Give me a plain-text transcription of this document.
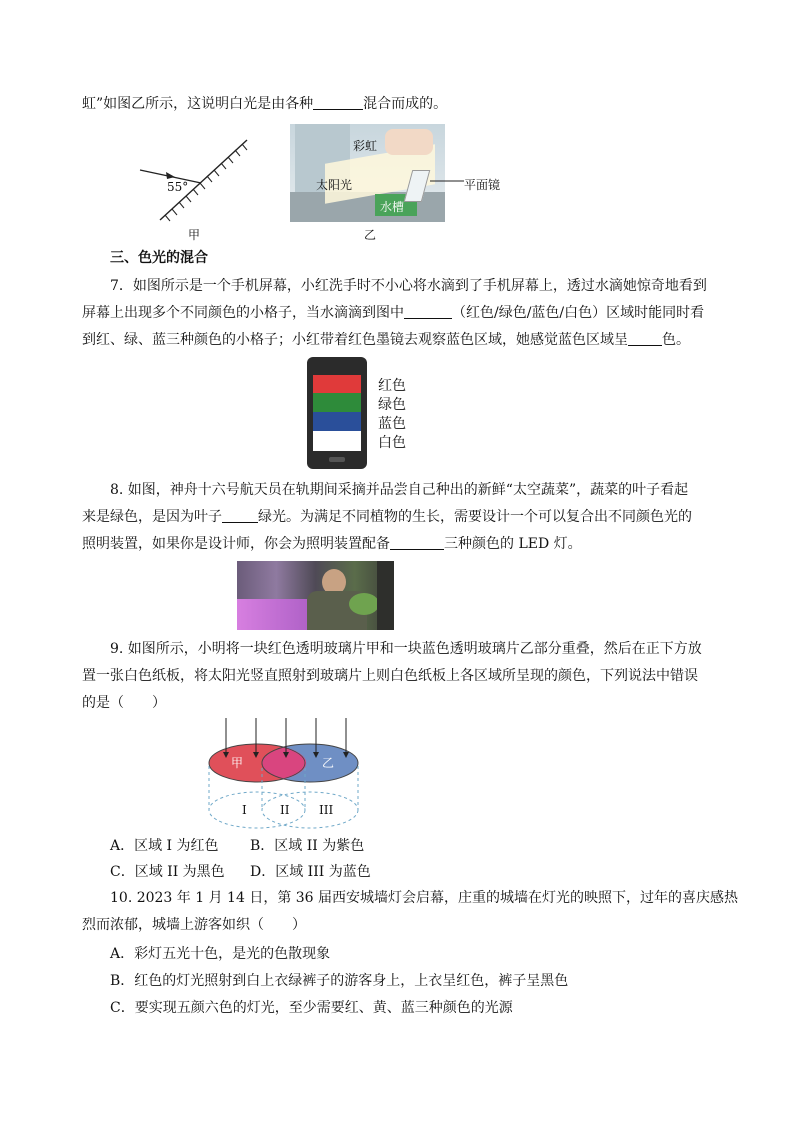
虹”如图乙所示，这说明白光是由各种	混合而成的。
55°
甲
彩虹
太阳光
水槽
平面镜
乙
三、色光的混合
7．如图所示是一个手机屏幕，小红洗手时不小心将水滴到了手机屏幕上，透过水滴她惊奇地看到
屏幕上出现多个不同颜色的小格子，当水滴滴到图中	（红色/绿色/蓝色/白色）区域时能同时看
到红、绿、蓝三种颜色的小格子；小红带着红色墨镜去观察蓝色区域，她感觉蓝色区域呈 色。
红色
绿色
蓝色
白色
8. 如图，神舟十六号航天员在轨期间采摘并品尝自己种出的新鲜“太空蔬菜”，蔬菜的叶子看起
来是绿色，是因为叶子	绿光。为满足不同植物的生长，需要设计一个可以复合出不同颜色光的
照明装置，如果你是设计师，你会为照明装置配备	三种颜色的 LED 灯。
9. 如图所示，小明将一块红色透明玻璃片甲和一块蓝色透明玻璃片乙部分重叠，然后在正下方放
置一张白色纸板，将太阳光竖直照射到玻璃片上则白色纸板上各区域所呈现的颜色，下列说法中错误
的是（　　）
甲	乙
I	II III
A．区域 I 为红色 B．区域 II 为紫色
C．区域 II 为黑色 D．区域 III 为蓝色
10. 2023 年 1 月 14 日，第 36 届西安城墙灯会启幕，庄重的城墙在灯光的映照下，过年的喜庆感热
烈而浓郁，城墙上游客如织（　　）
A．彩灯五光十色，是光的色散现象
B．红色的灯光照射到白上衣绿裤子的游客身上，上衣呈红色，裤子呈黑色
C．要实现五颜六色的灯光，至少需要红、黄、蓝三种颜色的光源
